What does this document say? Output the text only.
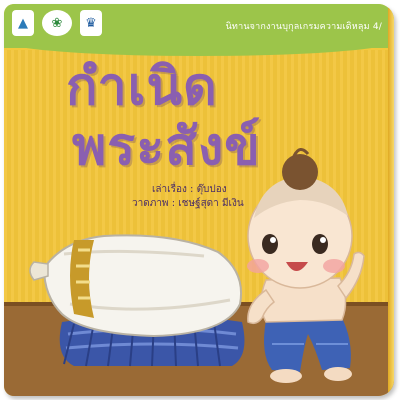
▲	❀	♛	นิทานจากงานบุกุลเกรมความเดิหลุม 4/
กำเนิด
พระสังข์
เล่าเรื่อง : ตุ๊บปอง
วาดภาพ : เชษฐ์สุดา มีเงิน
